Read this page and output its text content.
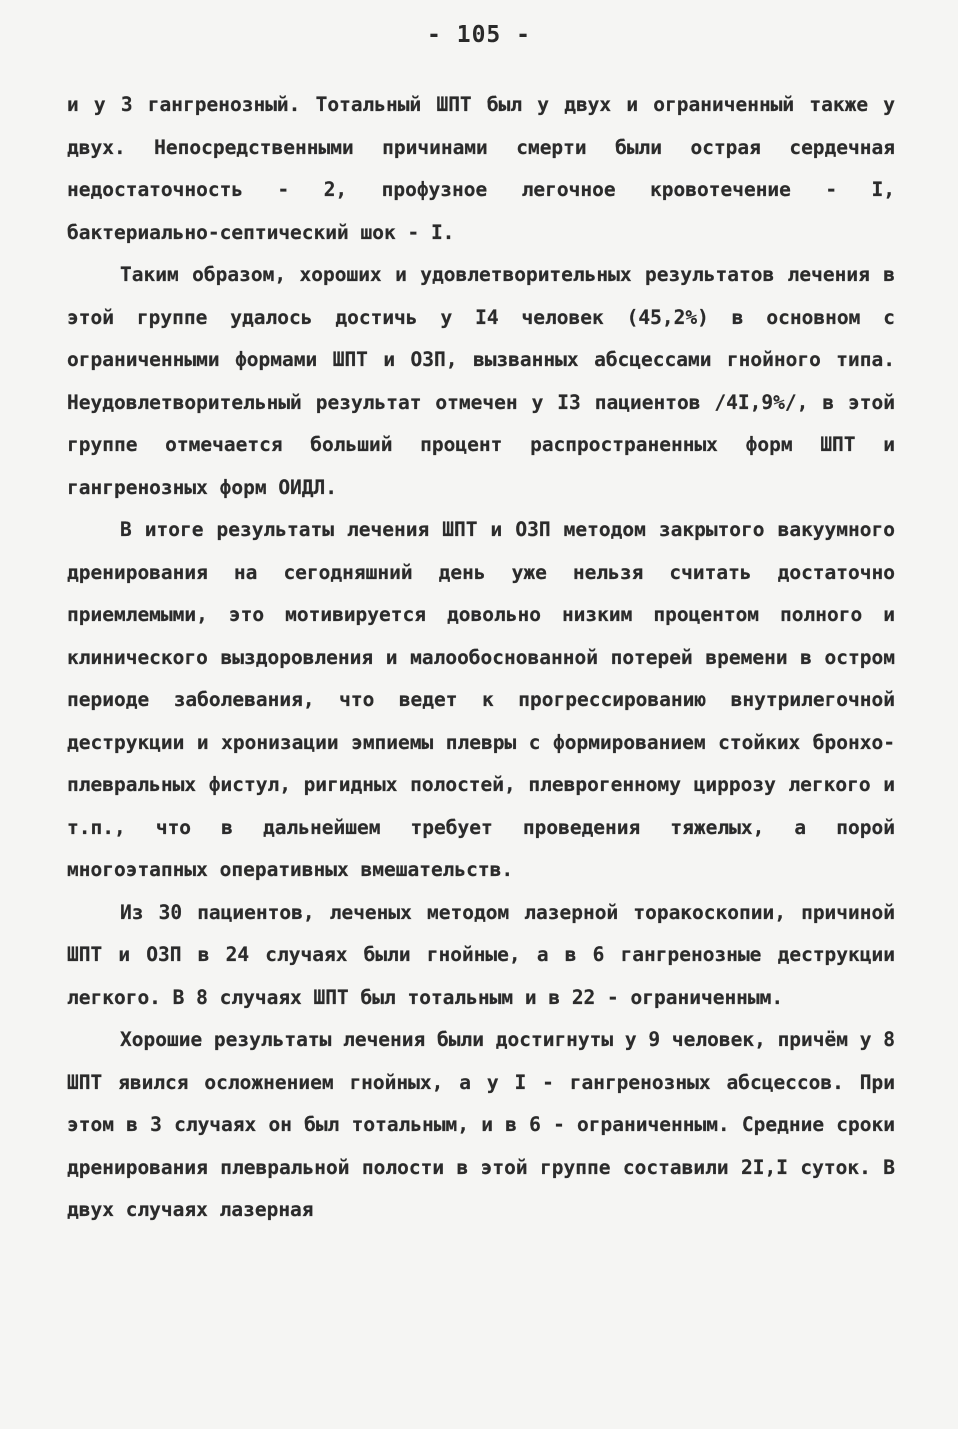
- 105 -

и у 3 гангренозный. Тотальный ШПТ был у двух и ограниченный также у двух. Непосредственными причинами смерти были острая сердечная недостаточность - 2, профузное легочное кровотечение - I, бактериально-септический шок - I.

Таким образом, хороших и удовлетворительных результатов лечения в этой группе удалось достичь у I4 человек (45,2%) в основном с ограниченными формами ШПТ и ОЗП, вызванных абсцессами гнойного типа. Неудовлетворительный результат отмечен у I3 пациентов /4I,9%/, в этой группе отмечается больший процент распространенных форм ШПТ и гангренозных форм ОИДЛ.

В итоге результаты лечения ШПТ и ОЗП методом закрытого вакуумного дренирования на сегодняшний день уже нельзя считать достаточно приемлемыми, это мотивируется довольно низким процентом полного и клинического выздоровления и малообоснованной потерей времени в остром периоде заболевания, что ведет к прогрессированию внутрилегочной деструкции и хронизации эмпиемы плевры с формированием стойких бронхо-плевральных фистул, ригидных полостей, плеврогенному циррозу легкого и т.п., что в дальнейшем требует проведения тяжелых, а порой многоэтапных оперативных вмешательств.

Из 30 пациентов, леченых методом лазерной торакоскопии, причиной ШПТ и ОЗП в 24 случаях были гнойные, а в 6 гангренозные деструкции легкого. В 8 случаях ШПТ был тотальным и в 22 - ограниченным.

Хорошие результаты лечения были достигнуты у 9 человек, причём у 8 ШПТ явился осложнением гнойных, а у I - гангренозных абсцессов. При этом в 3 случаях он был тотальным, и в 6 - ограниченным. Средние сроки дренирования плевральной полости в этой группе составили 2I,I суток. В двух случаях лазерная
